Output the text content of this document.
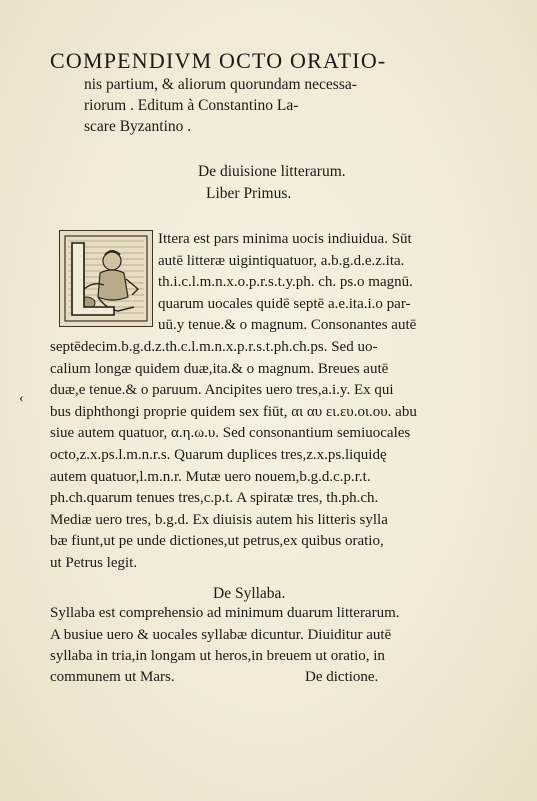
COMPENDIVM OCTO ORATIO-
nis partium, & aliorum quorundam necessa-
riorum . Editum à Constantino La-
scare Byzantino .
De diuisione litterarum.
Liber Primus.
Ittera est pars minima uocis indiuidua. Sūt
autē litteræ uigintiquatuor, a.b.g.d.e.z.ita.
th.i.c.l.m.n.x.o.p.r.s.t.y.ph. ch. ps.o magnū.
quarum uocales quidē septē a.e.ita.i.o par-
uū.y tenue.& o magnum. Consonantes autē
septēdecim.b.g.d.z.th.c.l.m.n.x.p.r.s.t.ph.ch.ps. Sed uo-
calium longæ quidem duæ,ita.& o magnum. Breues autē
duæ,e tenue.& o paruum. Ancipites uero tres,a.i.y. Ex qui
bus diphthongi proprie quidem sex fiūt, αι αυ ει.ευ.οι.ου. abu
siue autem quatuor, α.η.ω.υ. Sed consonantium semiuocales
octo,z.x.ps.l.m.n.r.s. Quarum duplices tres,z.x.ps.liquidę
autem quatuor,l.m.n.r. Mutæ uero nouem,b.g.d.c.p.r.t.
ph.ch.quarum tenues tres,c.p.t. A spiratæ tres, th.ph.ch.
Mediæ uero tres, b.g.d. Ex diuisis autem his litteris sylla
bæ fiunt,ut pe unde dictiones,ut petrus,ex quibus oratio,
ut Petrus legit.
‹
De Syllaba.
Syllaba est comprehensio ad minimum duarum litterarum.
A busiue uero & uocales syllabæ dicuntur. Diuiditur autē
syllaba in tria,in longam ut heros,in breuem ut oratio, in
communem ut Mars.	De dictione.
